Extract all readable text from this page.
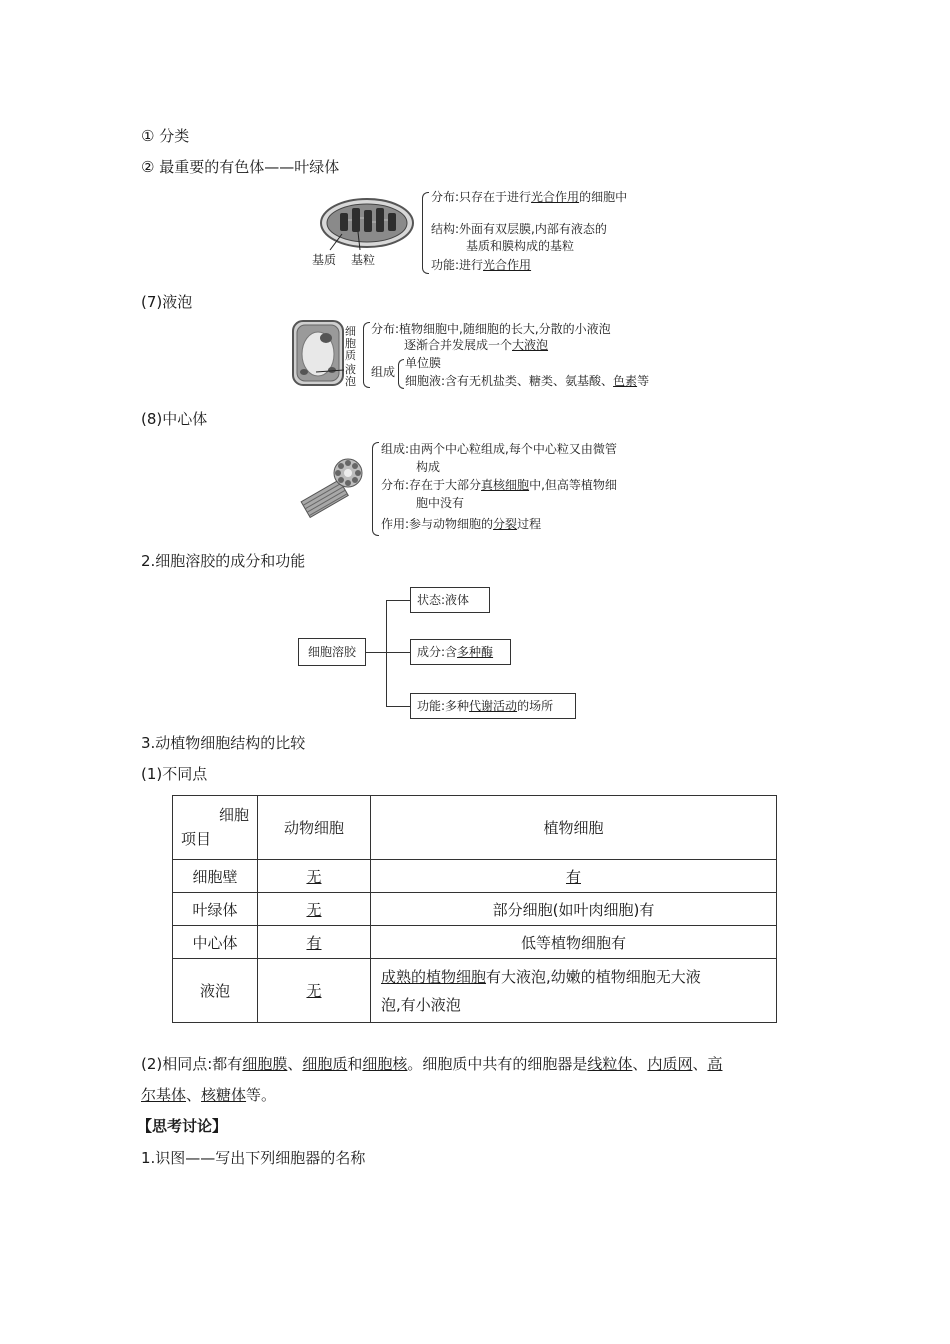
① 分类
② 最重要的有色体——叶绿体
基质 基粒
分布:只存在于进行光合作用的细胞中
结构:外面有双层膜,内部有液态的
基质和膜构成的基粒
功能:进行光合作用
(7)液泡
细胞质
液泡
分布:植物细胞中,随细胞的长大,分散的小液泡
逐渐合并发展成一个大液泡
组成
单位膜
细胞液:含有无机盐类、糖类、氨基酸、色素等
(8)中心体
组成:由两个中心粒组成,每个中心粒又由微管
构成
分布:存在于大部分真核细胞中,但高等植物细
胞中没有
作用:参与动物细胞的分裂过程
2.细胞溶胶的成分和功能
细胞溶胶
状态:液体
成分:含多种酶
功能:多种代谢活动的场所
3.动植物细胞结构的比较
(1)不同点
细胞
项目	动物细胞	植物细胞
细胞壁	无	有
叶绿体	无	部分细胞(如叶肉细胞)有
中心体	有	低等植物细胞有
液泡	无	成熟的植物细胞有大液泡,幼嫩的植物细胞无大液
泡,有小液泡
(2)相同点:都有细胞膜、细胞质和细胞核。细胞质中共有的细胞器是线粒体、内质网、高
尔基体、核糖体等。
【思考讨论】
1.识图——写出下列细胞器的名称
